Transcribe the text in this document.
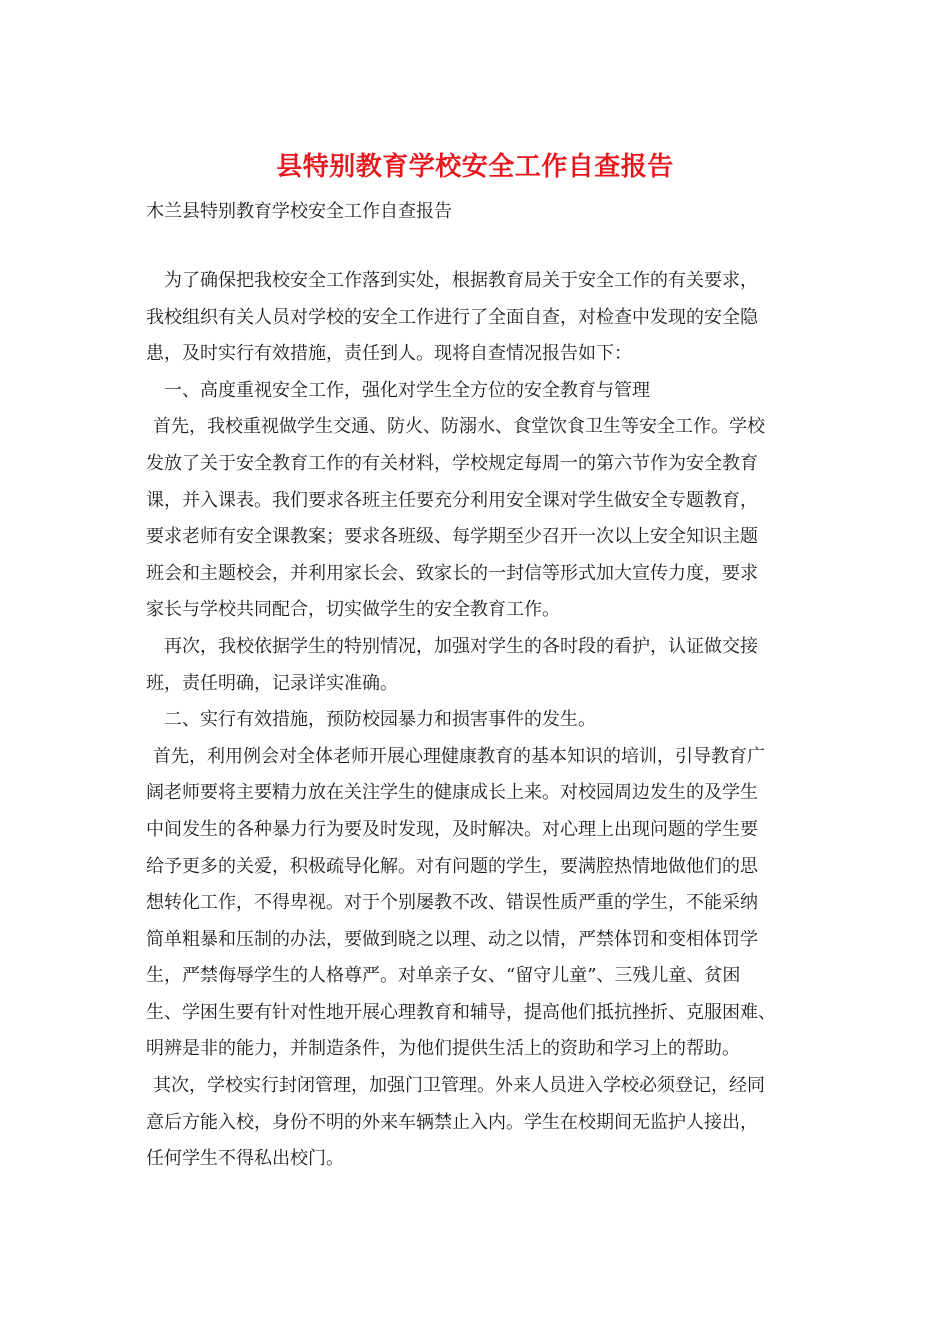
县特别教育学校安全工作自查报告
木兰县特别教育学校安全工作自查报告
为了确保把我校安全工作落到实处，根据教育局关于安全工作的有关要求，
我校组织有关人员对学校的安全工作进行了全面自查，对检查中发现的安全隐
患，及时实行有效措施，责任到人。现将自查情况报告如下：
一、高度重视安全工作，强化对学生全方位的安全教育与管理
首先，我校重视做学生交通、防火、防溺水、食堂饮食卫生等安全工作。学校
发放了关于安全教育工作的有关材料，学校规定每周一的第六节作为安全教育
课，并入课表。我们要求各班主任要充分利用安全课对学生做安全专题教育，
要求老师有安全课教案；要求各班级、每学期至少召开一次以上安全知识主题
班会和主题校会，并利用家长会、致家长的一封信等形式加大宣传力度，要求
家长与学校共同配合，切实做学生的安全教育工作。
再次，我校依据学生的特别情况，加强对学生的各时段的看护，认证做交接
班，责任明确，记录详实准确。
二、实行有效措施，预防校园暴力和损害事件的发生。
首先，利用例会对全体老师开展心理健康教育的基本知识的培训，引导教育广
阔老师要将主要精力放在关注学生的健康成长上来。对校园周边发生的及学生
中间发生的各种暴力行为要及时发现，及时解决。对心理上出现问题的学生要
给予更多的关爱，积极疏导化解。对有问题的学生，要满腔热情地做他们的思
想转化工作，不得卑视。对于个别屡教不改、错误性质严重的学生，不能采纳
简单粗暴和压制的办法，要做到晓之以理、动之以情，严禁体罚和变相体罚学
生，严禁侮辱学生的人格尊严。对单亲子女、“留守儿童”、三残儿童、贫困
生、学困生要有针对性地开展心理教育和辅导，提高他们抵抗挫折、克服困难、
明辨是非的能力，并制造条件，为他们提供生活上的资助和学习上的帮助。
其次，学校实行封闭管理，加强门卫管理。外来人员进入学校必须登记，经同
意后方能入校，身份不明的外来车辆禁止入内。学生在校期间无监护人接出，
任何学生不得私出校门。
